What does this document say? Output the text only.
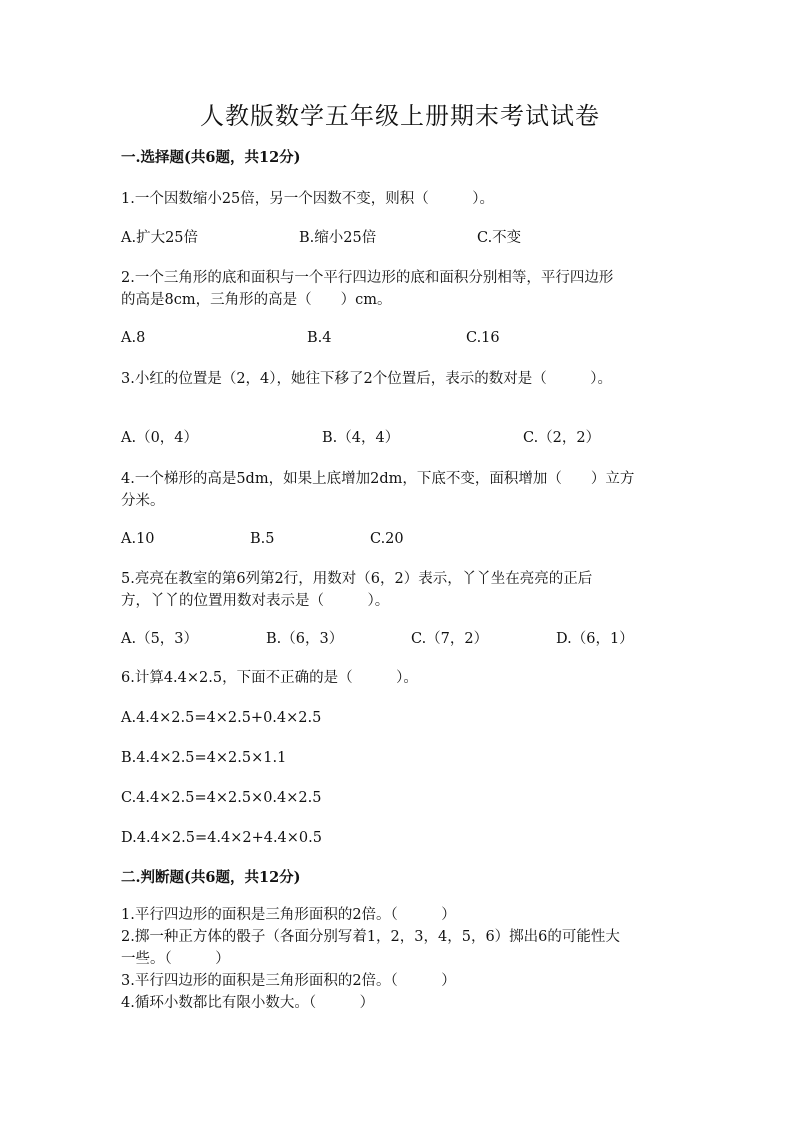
人教版数学五年级上册期末考试试卷
一.选择题(共6题，共12分)
1.一个因数缩小25倍，另一个因数不变，则积（　　　）。
A.扩大25倍	B.缩小25倍	C.不变
2.一个三角形的底和面积与一个平行四边形的底和面积分别相等，平行四边形
的高是8cm，三角形的高是（　　）cm。
A.8	B.4	C.16
3.小红的位置是（2，4），她往下移了2个位置后，表示的数对是（　　　）。
A.（0，4）	B.（4，4）	C.（2，2）
4.一个梯形的高是5dm，如果上底增加2dm，下底不变，面积增加（　　）立方
分米。
A.10	B.5	C.20
5.亮亮在教室的第6列第2行，用数对（6，2）表示，丫丫坐在亮亮的正后
方，丫丫的位置用数对表示是（　　　）。
A.（5，3）	B.（6，3）	C.（7，2）	D.（6，1）
6.计算4.4×2.5，下面不正确的是（　　　）。
A.4.4×2.5=4×2.5+0.4×2.5
B.4.4×2.5=4×2.5×1.1
C.4.4×2.5=4×2.5×0.4×2.5
D.4.4×2.5=4.4×2+4.4×0.5
二.判断题(共6题，共12分)
1.平行四边形的面积是三角形面积的2倍。（　　　）
2.掷一种正方体的骰子（各面分别写着1，2，3，4，5，6）掷出6的可能性大
一些。（　　　）
3.平行四边形的面积是三角形面积的2倍。（　　　）
4.循环小数都比有限小数大。（　　　）
